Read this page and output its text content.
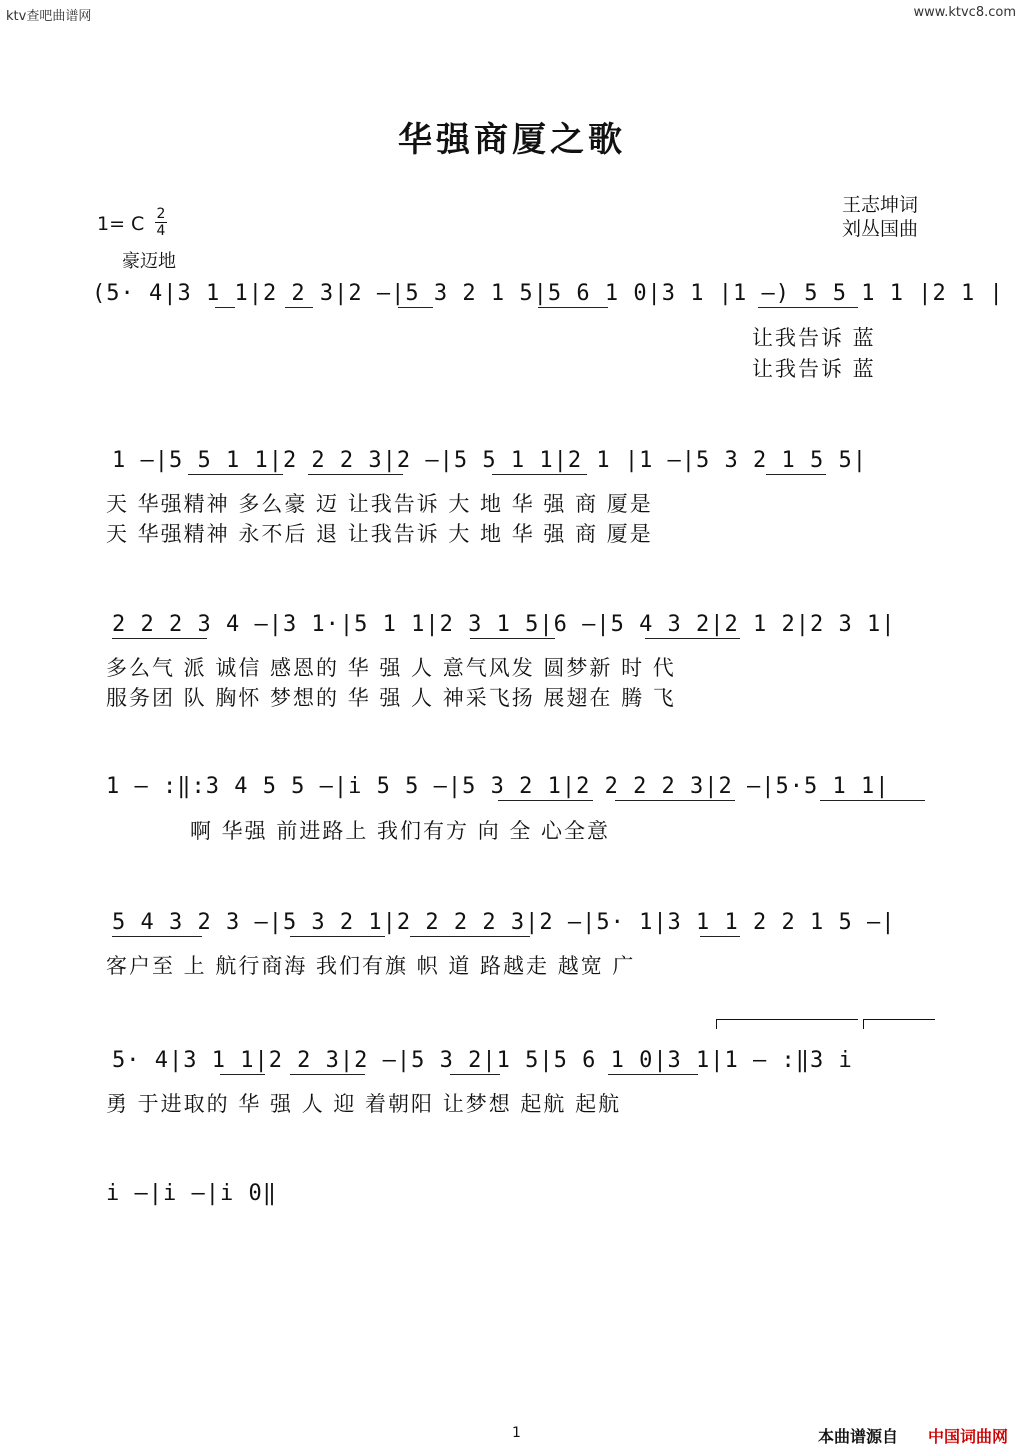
ktv查吧曲谱网	www.ktvc8.com
华强商厦之歌
王志坤词
刘丛国曲
1= C 2
4
豪迈地
(5· 4|3 1 1|2 2 3|2 —|5 3 2 1 5|5 6 1 0|3 1 |1 —) 5 5 1 1 |2 1 |
让我告诉 蓝
让我告诉 蓝
1 —|5 5 1 1|2 2 2 3|2 —|5 5 1 1|2 1 |1 —|5 3 2 1 5 5|
天 华强精神 多么豪 迈 让我告诉 大 地 华 强 商 厦是
天 华强精神 永不后 退 让我告诉 大 地 华 强 商 厦是
2 2 2 3 4 —|3 1·|5 1 1|2 3 1 5|6 —|5 4 3 2|2 1 2|2 3 1|
多么气 派 诚信 感恩的 华 强 人 意气风发 圆梦新 时 代
服务团 队 胸怀 梦想的 华 强 人 神采飞扬 展翅在 腾 飞
1 — :‖:3 4 5 5 —|i 5 5 —|5 3 2 1|2 2 2 2 3|2 —|5·5 1 1|
啊 华强 前进路上 我们有方 向 全 心全意
5 4 3 2 3 —|5 3 2 1|2 2 2 2 3|2 —|5· 1|3 1 1 2 2 1 5 —|
客户至 上 航行商海 我们有旗 帜 道 路越走 越宽 广
5· 4|3 1 1|2 2 3|2 —|5 3 2|1 5|5 6 1 0|3 1|1 — :‖3 i
勇 于进取的 华 强 人 迎 着朝阳 让梦想 起航 起航
i —|i —|i 0‖
1	本曲谱源自 中国词曲网
